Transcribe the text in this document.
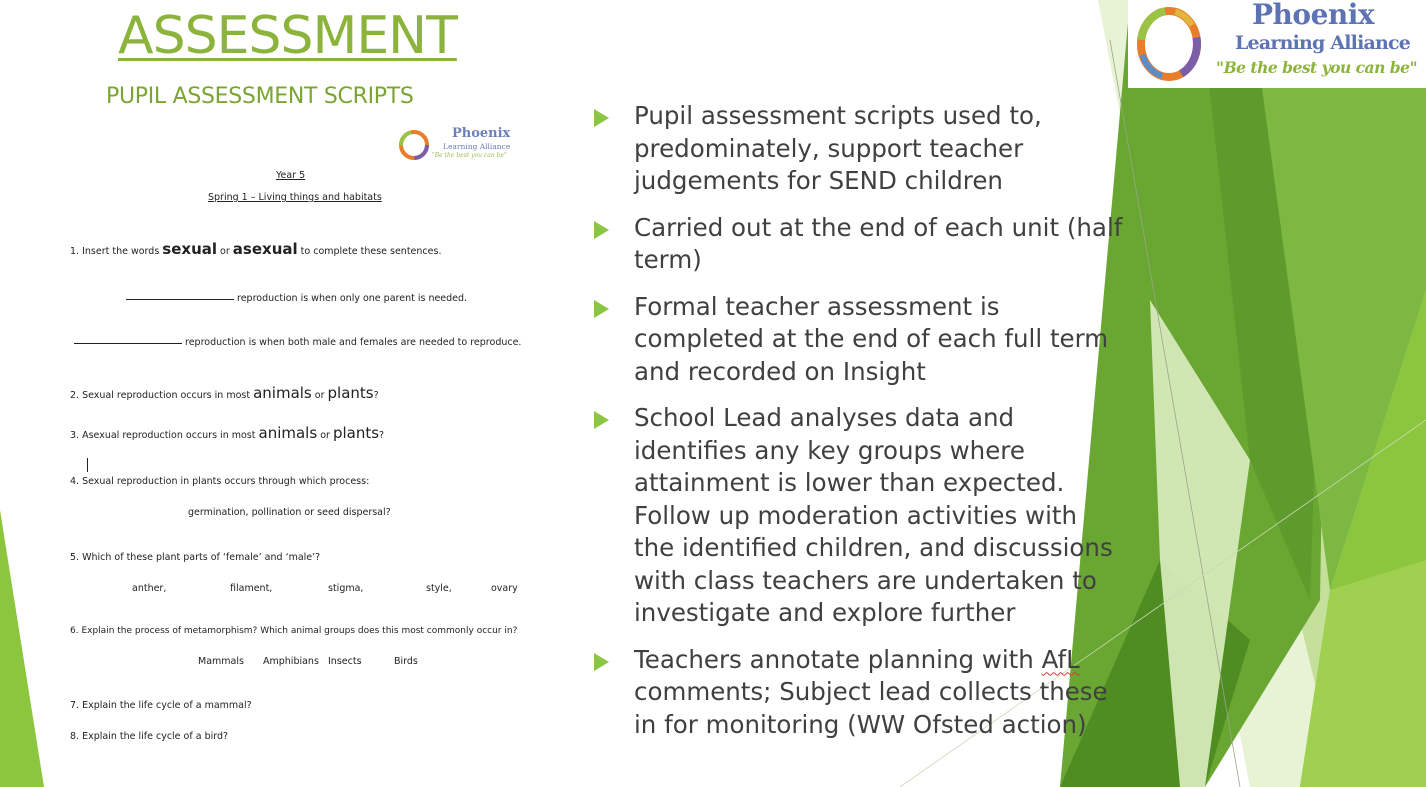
ASSESSMENT
PUPIL ASSESSMENT SCRIPTS
Phoenix
Learning Alliance
"Be the best you can be"
Year 5
Spring 1 – Living things and habitats
1. Insert the words sexual or asexual to complete these sentences.
reproduction is when only one parent is needed.
reproduction is when both male and females are needed to reproduce.
2. Sexual reproduction occurs in most animals or plants?
3. Asexual reproduction occurs in most animals or plants?
4. Sexual reproduction in plants occurs through which process:
germination, pollination or seed dispersal?
5. Which of these plant parts of ‘female’ and ‘male’?
anther,	filament,	stigma,	style,	ovary
6. Explain the process of metamorphism? Which animal groups does this most commonly occur in?
Mammals Amphibians Insects	Birds
7. Explain the life cycle of a mammal?
8. Explain the life cycle of a bird?
Pupil assessment scripts used to, predominately, support teacher judgements for SEND children
Carried out at the end of each unit (half term)
Formal teacher assessment is completed at the end of each full term and recorded on Insight
School Lead analyses data and identifies any key groups where attainment is lower than expected. Follow up moderation activities with the identified children, and discussions with class teachers are undertaken to investigate and explore further
Teachers annotate planning with AfL comments; Subject lead collects these in for monitoring (WW Ofsted action)
Phoenix
Learning Alliance
"Be the best you can be"
